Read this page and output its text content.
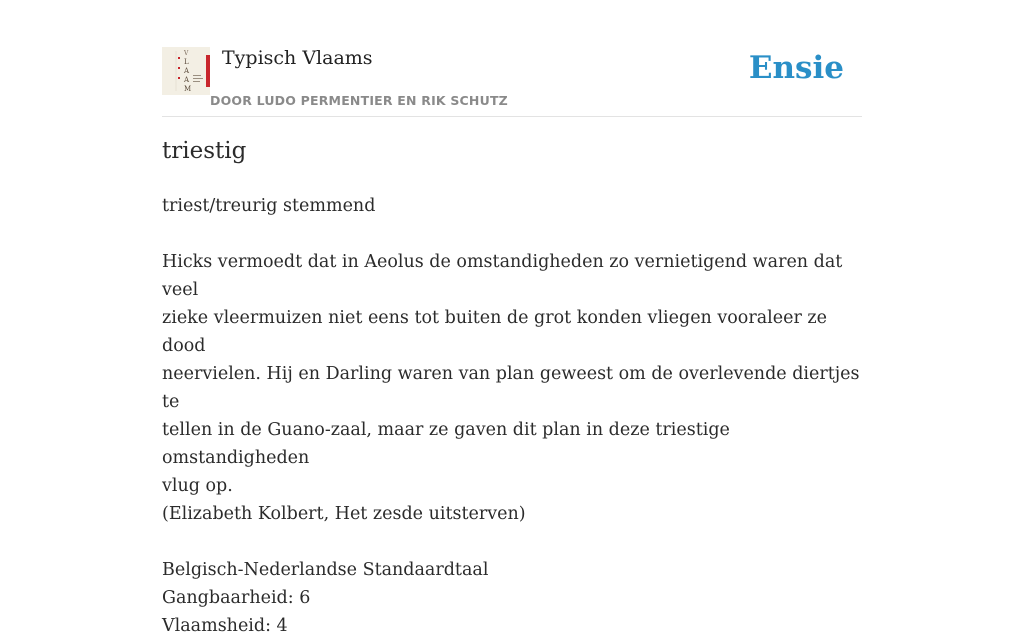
V
L
A
A
M
Typisch Vlaams
DOOR LUDO PERMENTIER EN RIK SCHUTZ
Ensie
triestig

triest/treurig stemmend

Hicks vermoedt dat in Aeolus de omstandigheden zo vernietigend waren dat veel

zieke vleermuizen niet eens tot buiten de grot konden vliegen vooraleer ze dood

neervielen. Hij en Darling waren van plan geweest om de overlevende diertjes te

tellen in de Guano-zaal, maar ze gaven dit plan in deze triestige omstandigheden

vlug op.

(Elizabeth Kolbert, Het zesde uitsterven)

Belgisch-Nederlandse Standaardtaal

Gangbaarheid: 6

Vlaamsheid: 4
